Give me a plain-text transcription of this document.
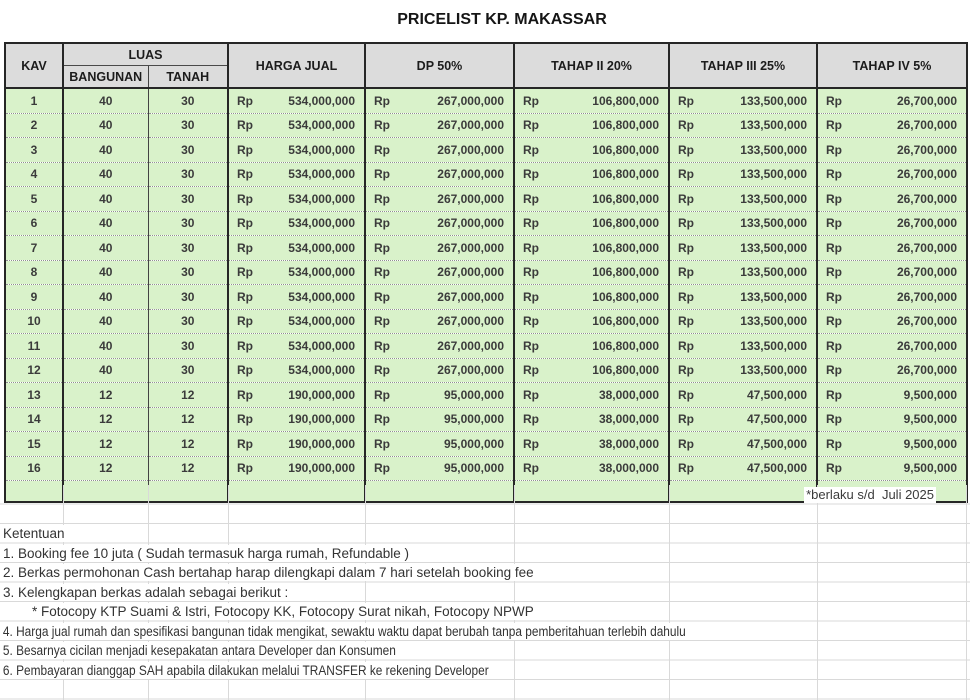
PRICELIST KP. MAKASSAR
KAV	LUAS		HARGA JUAL	DP 50%	TAHAP II 20%	TAHAP III 25%	TAHAP IV 5%
	BANGUNAN	TANAH					
1	40	30	Rp 534,000,000	Rp 267,000,000	Rp 106,800,000	Rp 133,500,000	Rp 26,700,000

2	40	30	Rp 534,000,000	Rp 267,000,000	Rp 106,800,000	Rp 133,500,000	Rp 26,700,000

3	40	30	Rp 534,000,000	Rp 267,000,000	Rp 106,800,000	Rp 133,500,000	Rp 26,700,000

4	40	30	Rp 534,000,000	Rp 267,000,000	Rp 106,800,000	Rp 133,500,000	Rp 26,700,000

5	40	30	Rp 534,000,000	Rp 267,000,000	Rp 106,800,000	Rp 133,500,000	Rp 26,700,000

6	40	30	Rp 534,000,000	Rp 267,000,000	Rp 106,800,000	Rp 133,500,000	Rp 26,700,000

7	40	30	Rp 534,000,000	Rp 267,000,000	Rp 106,800,000	Rp 133,500,000	Rp 26,700,000

8	40	30	Rp 534,000,000	Rp 267,000,000	Rp 106,800,000	Rp 133,500,000	Rp 26,700,000

9	40	30	Rp 534,000,000	Rp 267,000,000	Rp 106,800,000	Rp 133,500,000	Rp 26,700,000

10	40	30	Rp 534,000,000	Rp 267,000,000	Rp 106,800,000	Rp 133,500,000	Rp 26,700,000

11	40	30	Rp 534,000,000	Rp 267,000,000	Rp 106,800,000	Rp 133,500,000	Rp 26,700,000

12	40	30	Rp 534,000,000	Rp 267,000,000	Rp 106,800,000	Rp 133,500,000	Rp 26,700,000

13	12	12	Rp 190,000,000	Rp 95,000,000	Rp 38,000,000	Rp 47,500,000	Rp 9,500,000

14	12	12	Rp 190,000,000	Rp 95,000,000	Rp 38,000,000	Rp 47,500,000	Rp 9,500,000

15	12	12	Rp 190,000,000	Rp 95,000,000	Rp 38,000,000	Rp 47,500,000	Rp 9,500,000

16	12	12	Rp 190,000,000	Rp 95,000,000	Rp 38,000,000	Rp 47,500,000	Rp 9,500,000

*berlaku s/d  Juli 2025
Ketentuan
1. Booking fee 10 juta ( Sudah termasuk harga rumah, Refundable )
2. Berkas permohonan Cash bertahap harap dilengkapi dalam 7 hari setelah booking fee
3. Kelengkapan berkas adalah sebagai berikut :
* Fotocopy KTP Suami & Istri, Fotocopy KK, Fotocopy Surat nikah, Fotocopy NPWP
4. Harga jual rumah dan spesifikasi bangunan tidak mengikat, sewaktu waktu dapat berubah tanpa pemberitahuan terlebih dahulu
5. Besarnya cicilan menjadi kesepakatan antara Developer dan Konsumen
6. Pembayaran dianggap SAH apabila dilakukan melalui TRANSFER ke rekening Developer
